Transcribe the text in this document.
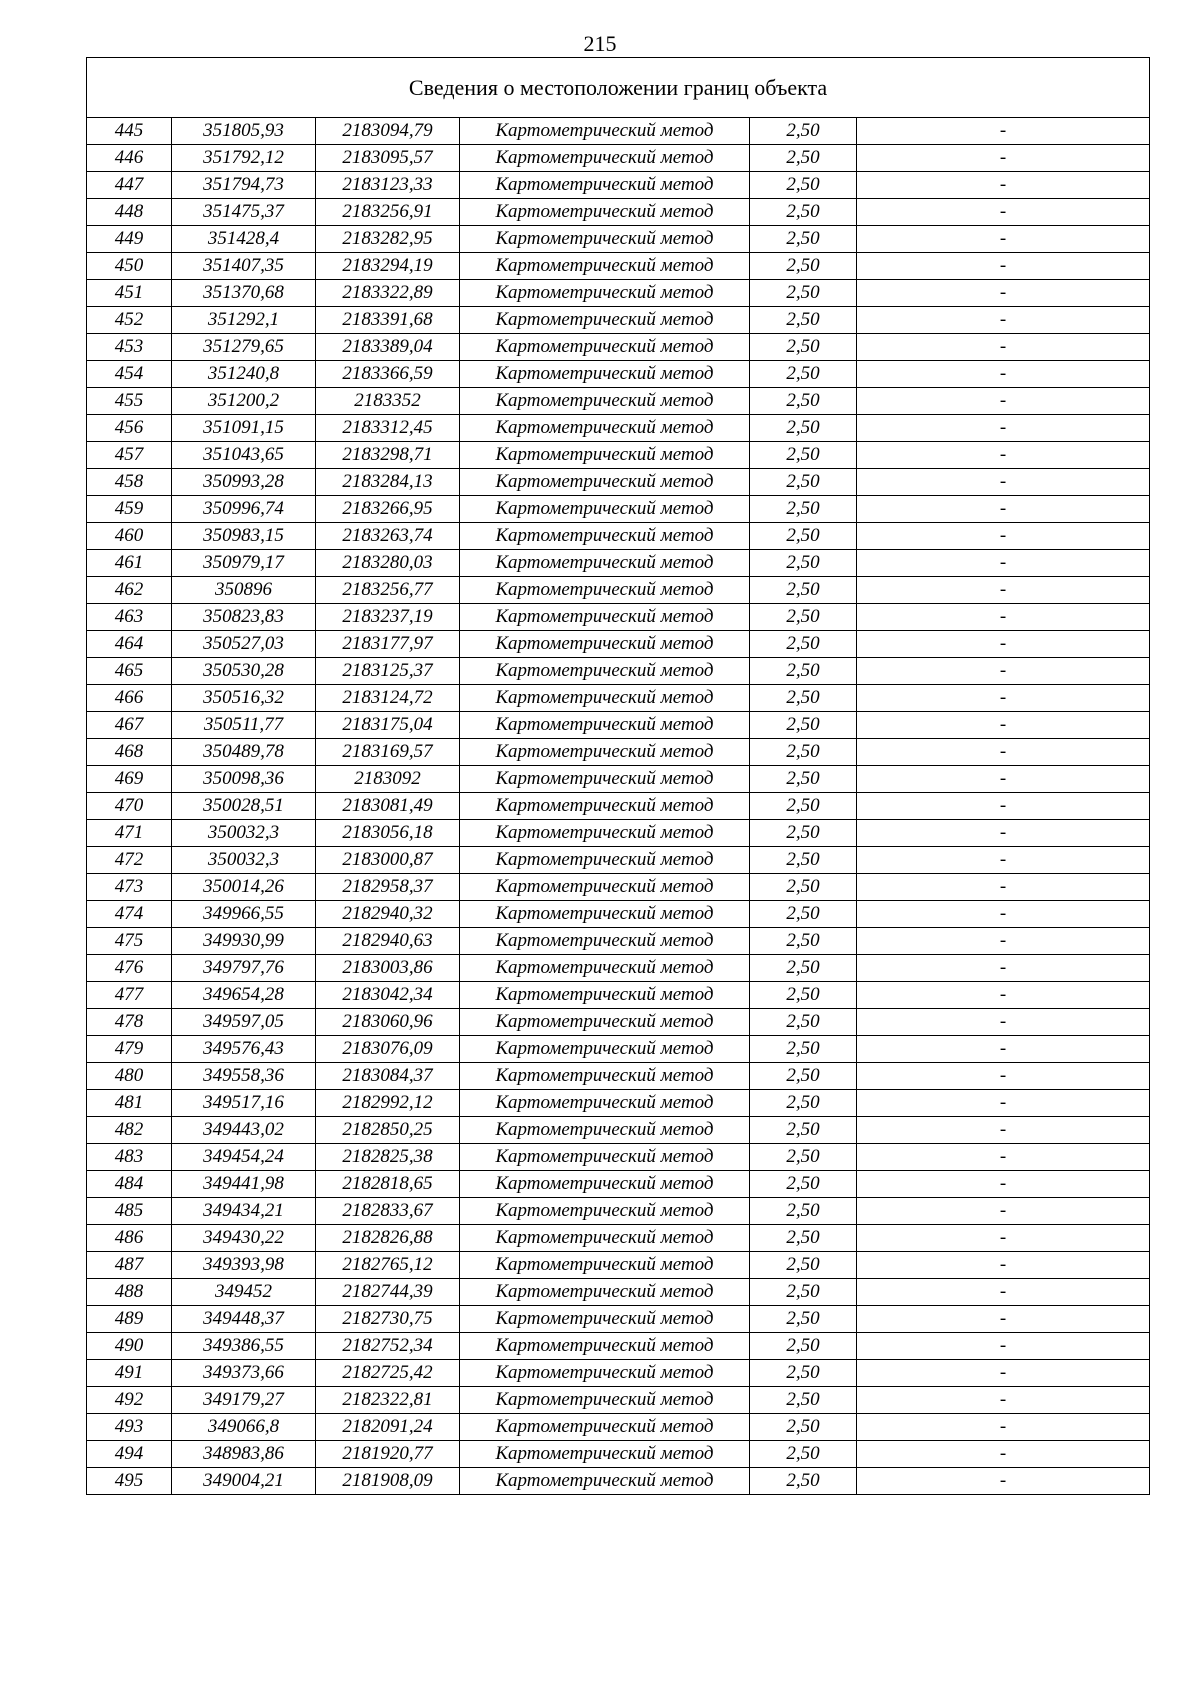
215
Сведения о местоположении границ объекта					
445	351805,93	2183094,79	Картометрический метод	2,50	-
446	351792,12	2183095,57	Картометрический метод	2,50	-
447	351794,73	2183123,33	Картометрический метод	2,50	-
448	351475,37	2183256,91	Картометрический метод	2,50	-
449	351428,4	2183282,95	Картометрический метод	2,50	-
450	351407,35	2183294,19	Картометрический метод	2,50	-
451	351370,68	2183322,89	Картометрический метод	2,50	-
452	351292,1	2183391,68	Картометрический метод	2,50	-
453	351279,65	2183389,04	Картометрический метод	2,50	-
454	351240,8	2183366,59	Картометрический метод	2,50	-
455	351200,2	2183352	Картометрический метод	2,50	-
456	351091,15	2183312,45	Картометрический метод	2,50	-
457	351043,65	2183298,71	Картометрический метод	2,50	-
458	350993,28	2183284,13	Картометрический метод	2,50	-
459	350996,74	2183266,95	Картометрический метод	2,50	-
460	350983,15	2183263,74	Картометрический метод	2,50	-
461	350979,17	2183280,03	Картометрический метод	2,50	-
462	350896	2183256,77	Картометрический метод	2,50	-
463	350823,83	2183237,19	Картометрический метод	2,50	-
464	350527,03	2183177,97	Картометрический метод	2,50	-
465	350530,28	2183125,37	Картометрический метод	2,50	-
466	350516,32	2183124,72	Картометрический метод	2,50	-
467	350511,77	2183175,04	Картометрический метод	2,50	-
468	350489,78	2183169,57	Картометрический метод	2,50	-
469	350098,36	2183092	Картометрический метод	2,50	-
470	350028,51	2183081,49	Картометрический метод	2,50	-
471	350032,3	2183056,18	Картометрический метод	2,50	-
472	350032,3	2183000,87	Картометрический метод	2,50	-
473	350014,26	2182958,37	Картометрический метод	2,50	-
474	349966,55	2182940,32	Картометрический метод	2,50	-
475	349930,99	2182940,63	Картометрический метод	2,50	-
476	349797,76	2183003,86	Картометрический метод	2,50	-
477	349654,28	2183042,34	Картометрический метод	2,50	-
478	349597,05	2183060,96	Картометрический метод	2,50	-
479	349576,43	2183076,09	Картометрический метод	2,50	-
480	349558,36	2183084,37	Картометрический метод	2,50	-
481	349517,16	2182992,12	Картометрический метод	2,50	-
482	349443,02	2182850,25	Картометрический метод	2,50	-
483	349454,24	2182825,38	Картометрический метод	2,50	-
484	349441,98	2182818,65	Картометрический метод	2,50	-
485	349434,21	2182833,67	Картометрический метод	2,50	-
486	349430,22	2182826,88	Картометрический метод	2,50	-
487	349393,98	2182765,12	Картометрический метод	2,50	-
488	349452	2182744,39	Картометрический метод	2,50	-
489	349448,37	2182730,75	Картометрический метод	2,50	-
490	349386,55	2182752,34	Картометрический метод	2,50	-
491	349373,66	2182725,42	Картометрический метод	2,50	-
492	349179,27	2182322,81	Картометрический метод	2,50	-
493	349066,8	2182091,24	Картометрический метод	2,50	-
494	348983,86	2181920,77	Картометрический метод	2,50	-
495	349004,21	2181908,09	Картометрический метод	2,50	-
